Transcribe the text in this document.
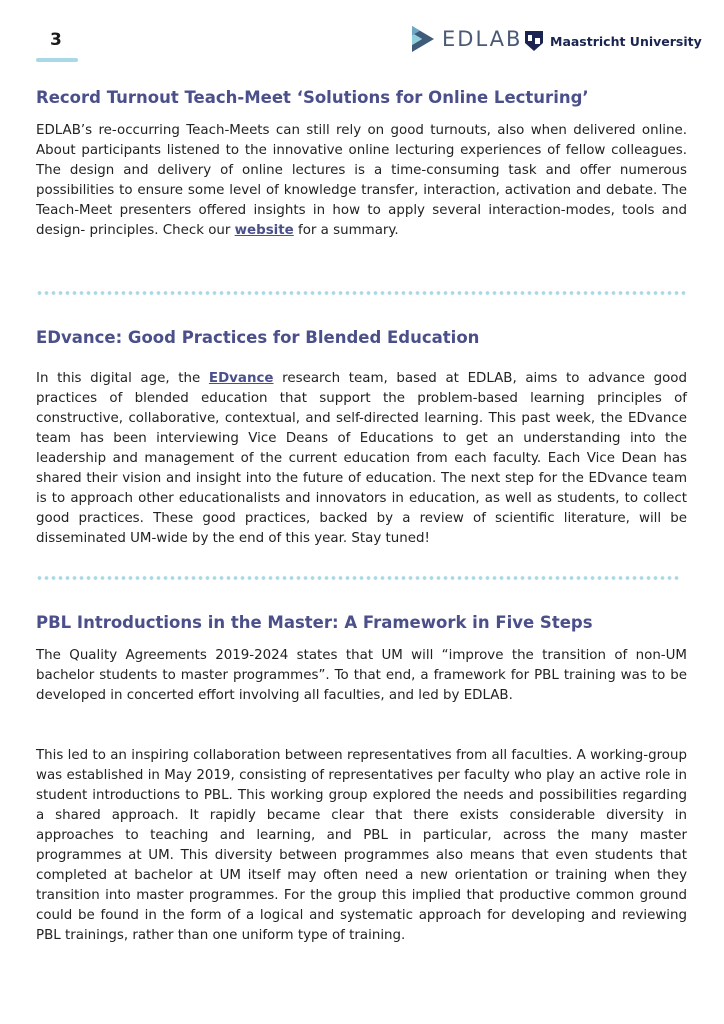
3	EDLAB Maastricht University
Record Turnout Teach-Meet ‘Solutions for Online Lecturing’

EDLAB’s re-occurring Teach-Meets can still rely on good turnouts, also when delivered online. About participants listened to the innovative online lecturing experiences of fellow colleagues. The design and delivery of online lectures is a time-consuming task and offer numerous possibilities to ensure some level of knowledge transfer, interaction, activation and debate. The Teach-Meet presenters offered insights in how to apply several interaction-modes, tools and design- principles. Check our website for a summary.

EDvance: Good Practices for Blended Education

In this digital age, the EDvance research team, based at EDLAB, aims to advance good practices of blended education that support the problem-based learning principles of constructive, collaborative, contextual, and self-directed learning. This past week, the EDvance team has been interviewing Vice Deans of Educations to get an understanding into the leadership and management of the current education from each faculty. Each Vice Dean has shared their vision and insight into the future of education. The next step for the EDvance team is to approach other educationalists and innovators in education, as well as students, to collect good practices. These good practices, backed by a review of scientific literature, will be disseminated UM-wide by the end of this year. Stay tuned!

PBL Introductions in the Master: A Framework in Five Steps

The Quality Agreements 2019-2024 states that UM will “improve the transition of non-UM bachelor students to master programmes”. To that end, a framework for PBL training was to be developed in concerted effort involving all faculties, and led by EDLAB.

This led to an inspiring collaboration between representatives from all faculties. A working-group was established in May 2019, consisting of representatives per faculty who play an active role in student introductions to PBL. This working group explored the needs and possibilities regarding a shared approach. It rapidly became clear that there exists considerable diversity in approaches to teaching and learning, and PBL in particular, across the many master programmes at UM. This diversity between programmes also means that even students that completed at bachelor at UM itself may often need a new orientation or training when they transition into master programmes. For the group this implied that productive common ground could be found in the form of a logical and systematic approach for developing and reviewing PBL trainings, rather than one uniform type of training.
